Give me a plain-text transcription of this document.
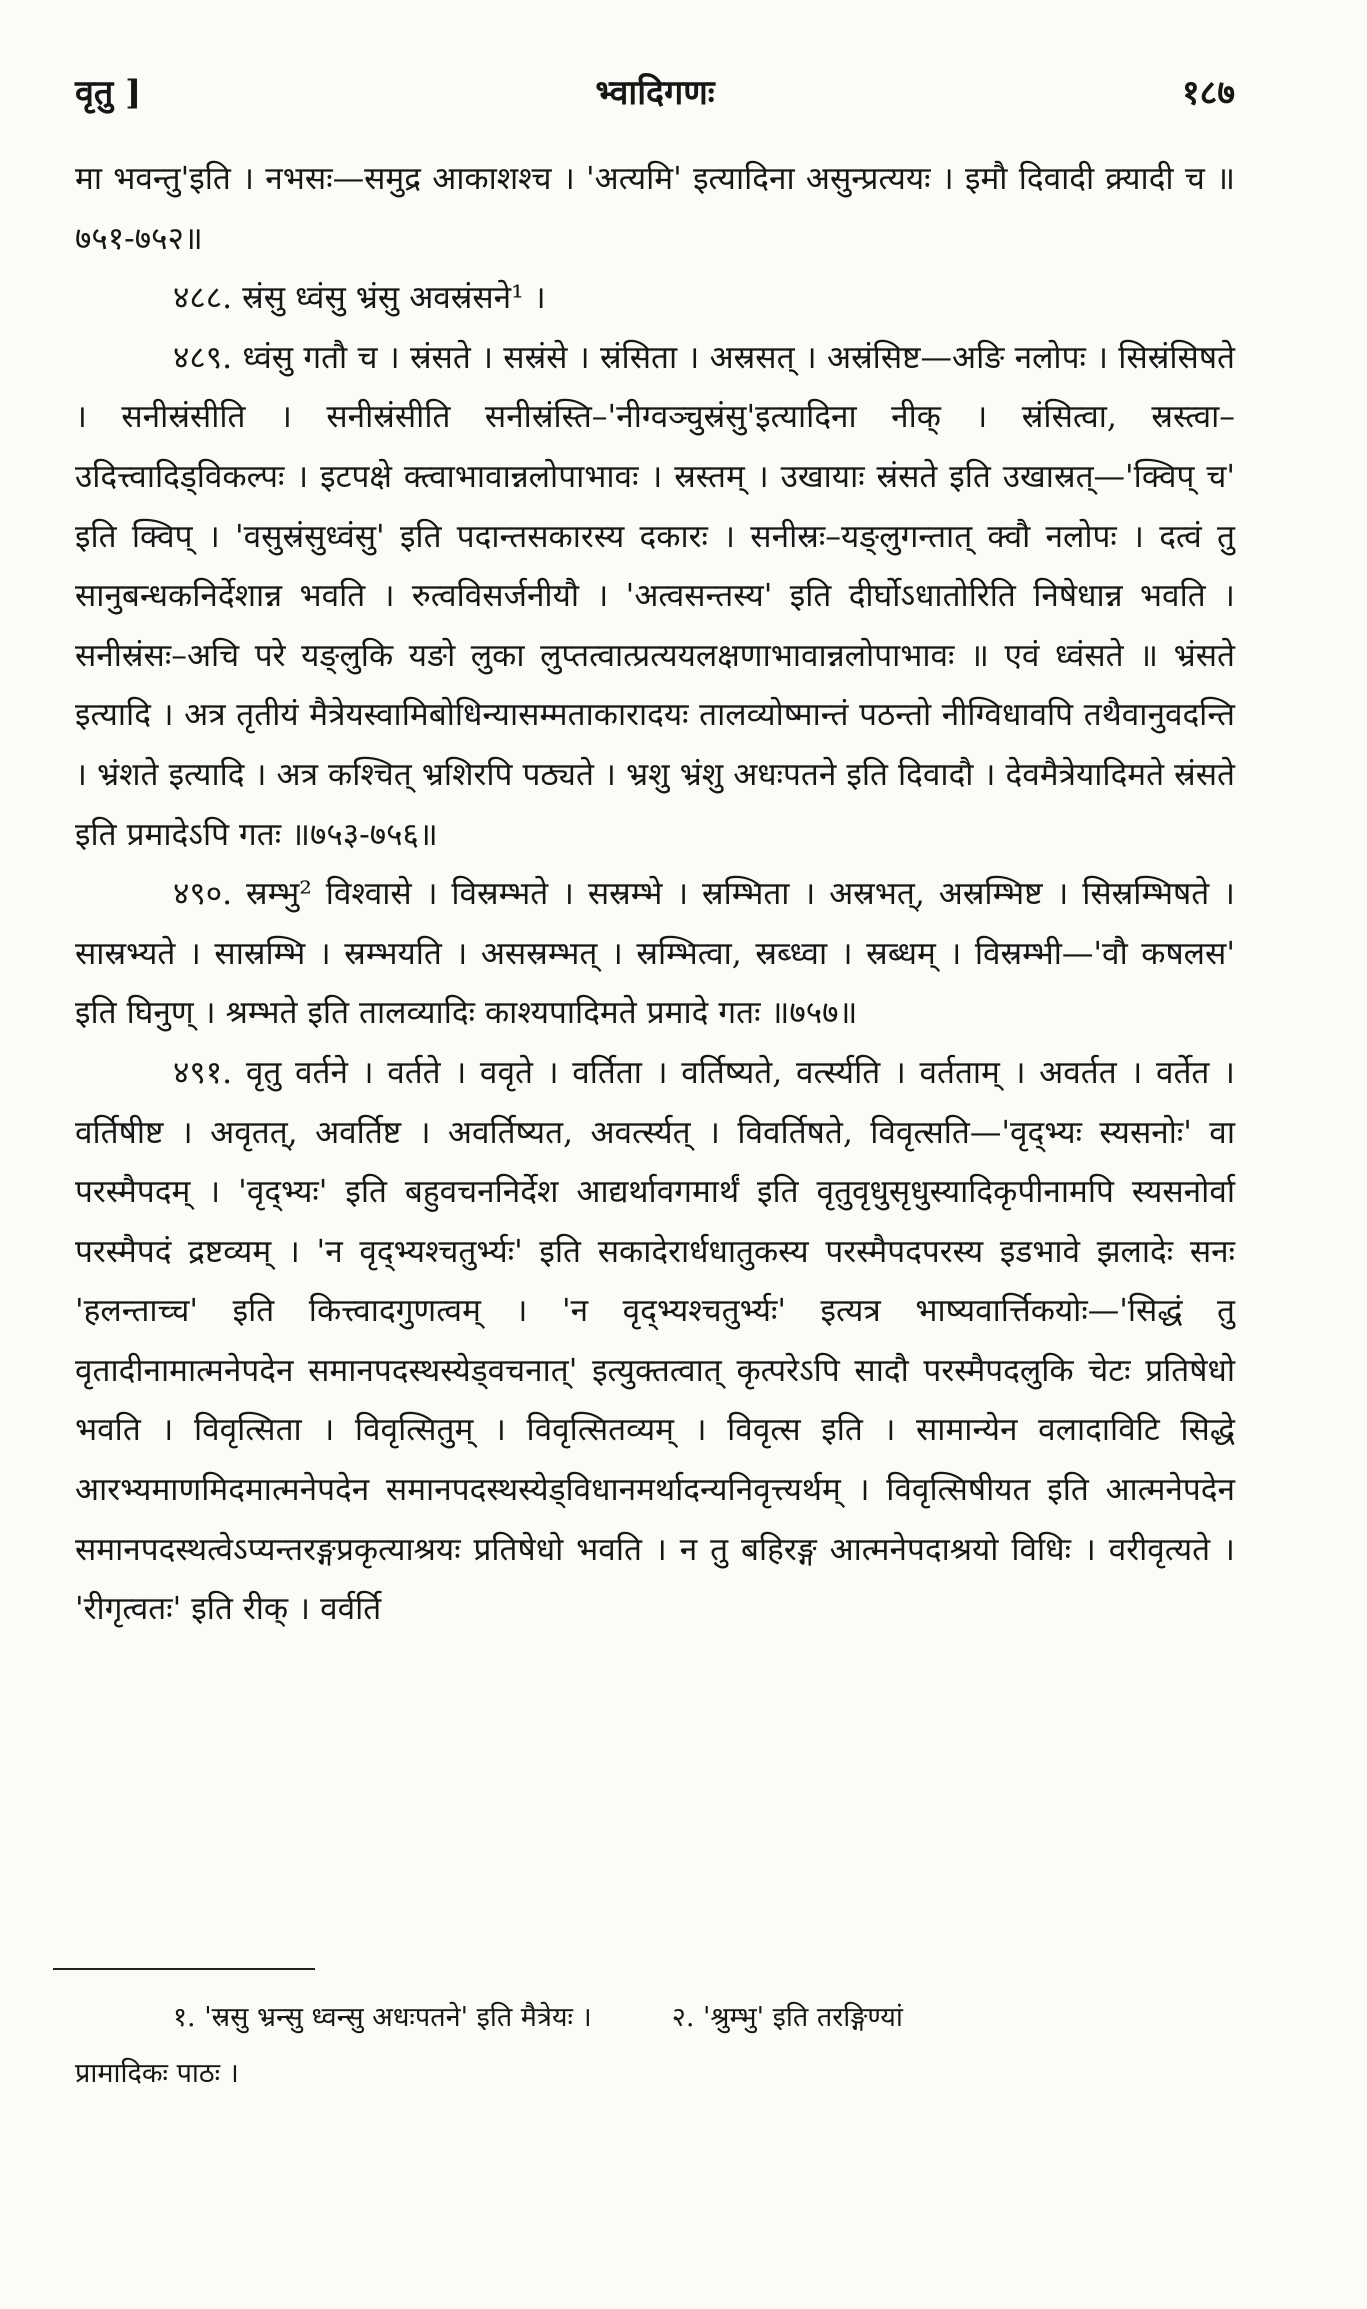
वृतु ]	भ्वादिगणः	१८७

मा भवन्तु'इति । नभसः—समुद्र आकाशश्च । 'अत्यमि' इत्यादिना असुन्प्रत्ययः । इमौ दिवादी क्र्यादी च ॥७५१-७५२॥

४८८. स्रंसु ध्वंसु भ्रंसु अवस्रंसने¹ ।

४८९. ध्वंसु गतौ च । स्रंसते । सस्रंसे । स्रंसिता । अस्रसत् । अस्रंसिष्ट—अङि नलोपः । सिस्रंसिषते । सनीस्रंसीति । सनीस्रंसीति सनीस्रंस्ति–'नीग्वञ्चुस्रंसु'इत्यादिना नीक् । स्रंसित्वा, स्रस्त्वा–उदित्त्वादिड्विकल्पः । इटपक्षे क्त्वाभावान्नलोपाभावः । स्रस्तम् । उखायाः स्रंसते इति उखास्रत्—'क्विप् च' इति क्विप् । 'वसुस्रंसुध्वंसु' इति पदान्तसकारस्य दकारः । सनीस्रः–यङ्लुगन्तात् क्वौ नलोपः । दत्वं तु सानुबन्धकनिर्देशान्न भवति । रुत्वविसर्जनीयौ । 'अत्वसन्तस्य' इति दीर्घोऽधातोरिति निषेधान्न भवति । सनीस्रंसः–अचि परे यङ्लुकि यङो लुका लुप्तत्वात्प्रत्ययलक्षणाभावान्नलोपाभावः ॥ एवं ध्वंसते ॥ भ्रंसते इत्यादि । अत्र तृतीयं मैत्रेयस्वामिबोधिन्यासम्मताकारादयः तालव्योष्मान्तं पठन्तो नीग्विधावपि तथैवानुवदन्ति । भ्रंशते इत्यादि । अत्र कश्चित् भ्रशिरपि पठ्यते । भ्रशु भ्रंशु अधःपतने इति दिवादौ । देवमैत्रेयादिमते स्रंसते इति प्रमादेऽपि गतः ॥७५३-७५६॥

४९०. स्रम्भु² विश्वासे । विस्रम्भते । सस्रम्भे । स्रम्भिता । अस्रभत्, अस्रम्भिष्ट । सिस्रम्भिषते । सास्रभ्यते । सास्रम्भि । स्रम्भयति । असस्रम्भत् । स्रम्भित्वा, स्रब्ध्वा । स्रब्धम् । विस्रम्भी—'वौ कषलस' इति घिनुण् । श्रम्भते इति तालव्यादिः काश्यपादिमते प्रमादे गतः ॥७५७॥

४९१. वृतु वर्तने । वर्तते । ववृते । वर्तिता । वर्तिष्यते, वर्त्स्यति । वर्तताम् । अवर्तत । वर्तेत । वर्तिषीष्ट । अवृतत्, अवर्तिष्ट । अवर्तिष्यत, अवर्त्स्यत् । विवर्तिषते, विवृत्सति—'वृद्भ्यः स्यसनोः' वा परस्मैपदम् । 'वृद्भ्यः' इति बहुवचननिर्देश आद्यर्थावगमार्थं इति वृतुवृधुसृधुस्यादिकृपीनामपि स्यसनोर्वा परस्मैपदं द्रष्टव्यम् । 'न वृद्भ्यश्चतुर्भ्यः' इति सकादेरार्धधातुकस्य परस्मैपदपरस्य इडभावे झलादेः सनः 'हलन्ताच्च' इति कित्त्वादगुणत्वम् । 'न वृद्भ्यश्चतुर्भ्यः' इत्यत्र भाष्यवार्त्तिकयोः—'सिद्धं तु वृतादीनामात्मनेपदेन समानपदस्थस्येड्वचनात्' इत्युक्तत्वात् कृत्परेऽपि सादौ परस्मैपदलुकि चेटः प्रतिषेधो भवति । विवृत्सिता । विवृत्सितुम् । विवृत्सितव्यम् । विवृत्स इति । सामान्येन वलादाविटि सिद्धे आरभ्यमाणमिदमात्मनेपदेन समानपदस्थस्येड्विधानमर्थादन्यनिवृत्त्यर्थम् । विवृत्सिषीयत इति आत्मनेपदेन समानपदस्थत्वेऽप्यन्तरङ्गप्रकृत्याश्रयः प्रतिषेधो भवति । न तु बहिरङ्ग आत्मनेपदाश्रयो विधिः । वरीवृत्यते । 'रीगृत्वतः' इति रीक् । वर्वर्ति

१. 'स्रसु भ्रन्सु ध्वन्सु अधःपतने' इति मैत्रेयः ।	२. 'श्रुम्भु' इति तरङ्गिण्यां
प्रामादिकः पाठः ।
